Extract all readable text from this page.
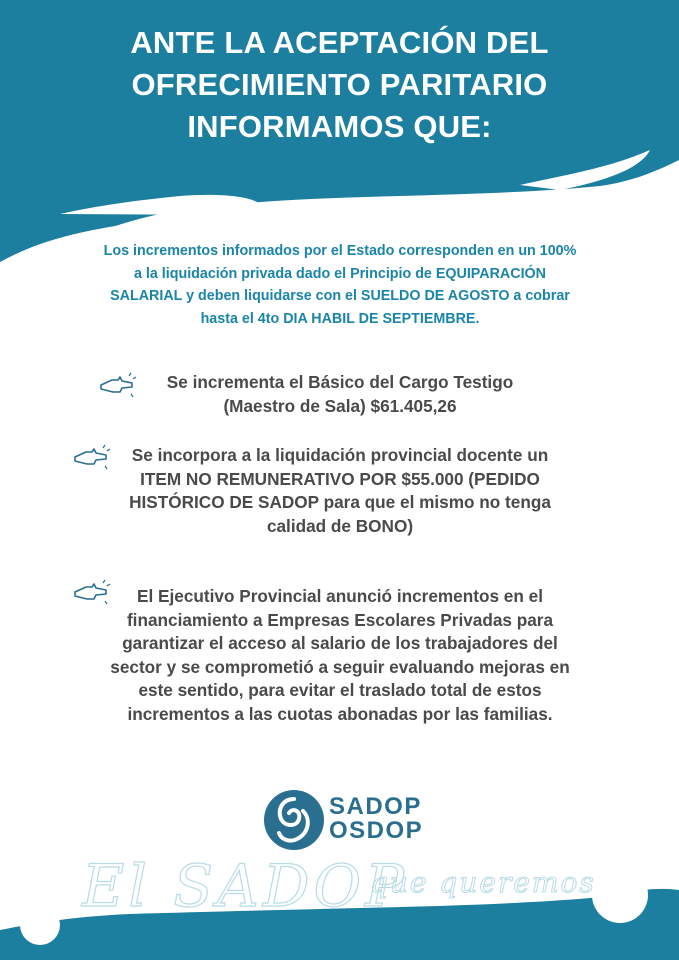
ANTE LA ACEPTACIÓN DEL
OFRECIMIENTO PARITARIO
INFORMAMOS QUE:

Los incrementos informados por el Estado corresponden en un 100% a la liquidación privada dado el Principio de EQUIPARACIÓN SALARIAL y deben liquidarse con el SUELDO DE AGOSTO a cobrar hasta el 4to DIA HABIL DE SEPTIEMBRE.

Se incrementa el Básico del Cargo Testigo (Maestro de Sala) $61.405,26

Se incorpora a la liquidación provincial docente un ITEM NO REMUNERATIVO POR $55.000 (PEDIDO HISTÓRICO DE SADOP para que el mismo no tenga calidad de BONO)

El Ejecutivo Provincial anunció incrementos en el financiamiento a Empresas Escolares Privadas para garantizar el acceso al salario de los trabajadores del sector y se comprometió a seguir evaluando mejoras en este sentido, para evitar el traslado total de estos incrementos a las cuotas abonadas por las familias.

SADOP
OSDOP

El SADOP
que queremos
